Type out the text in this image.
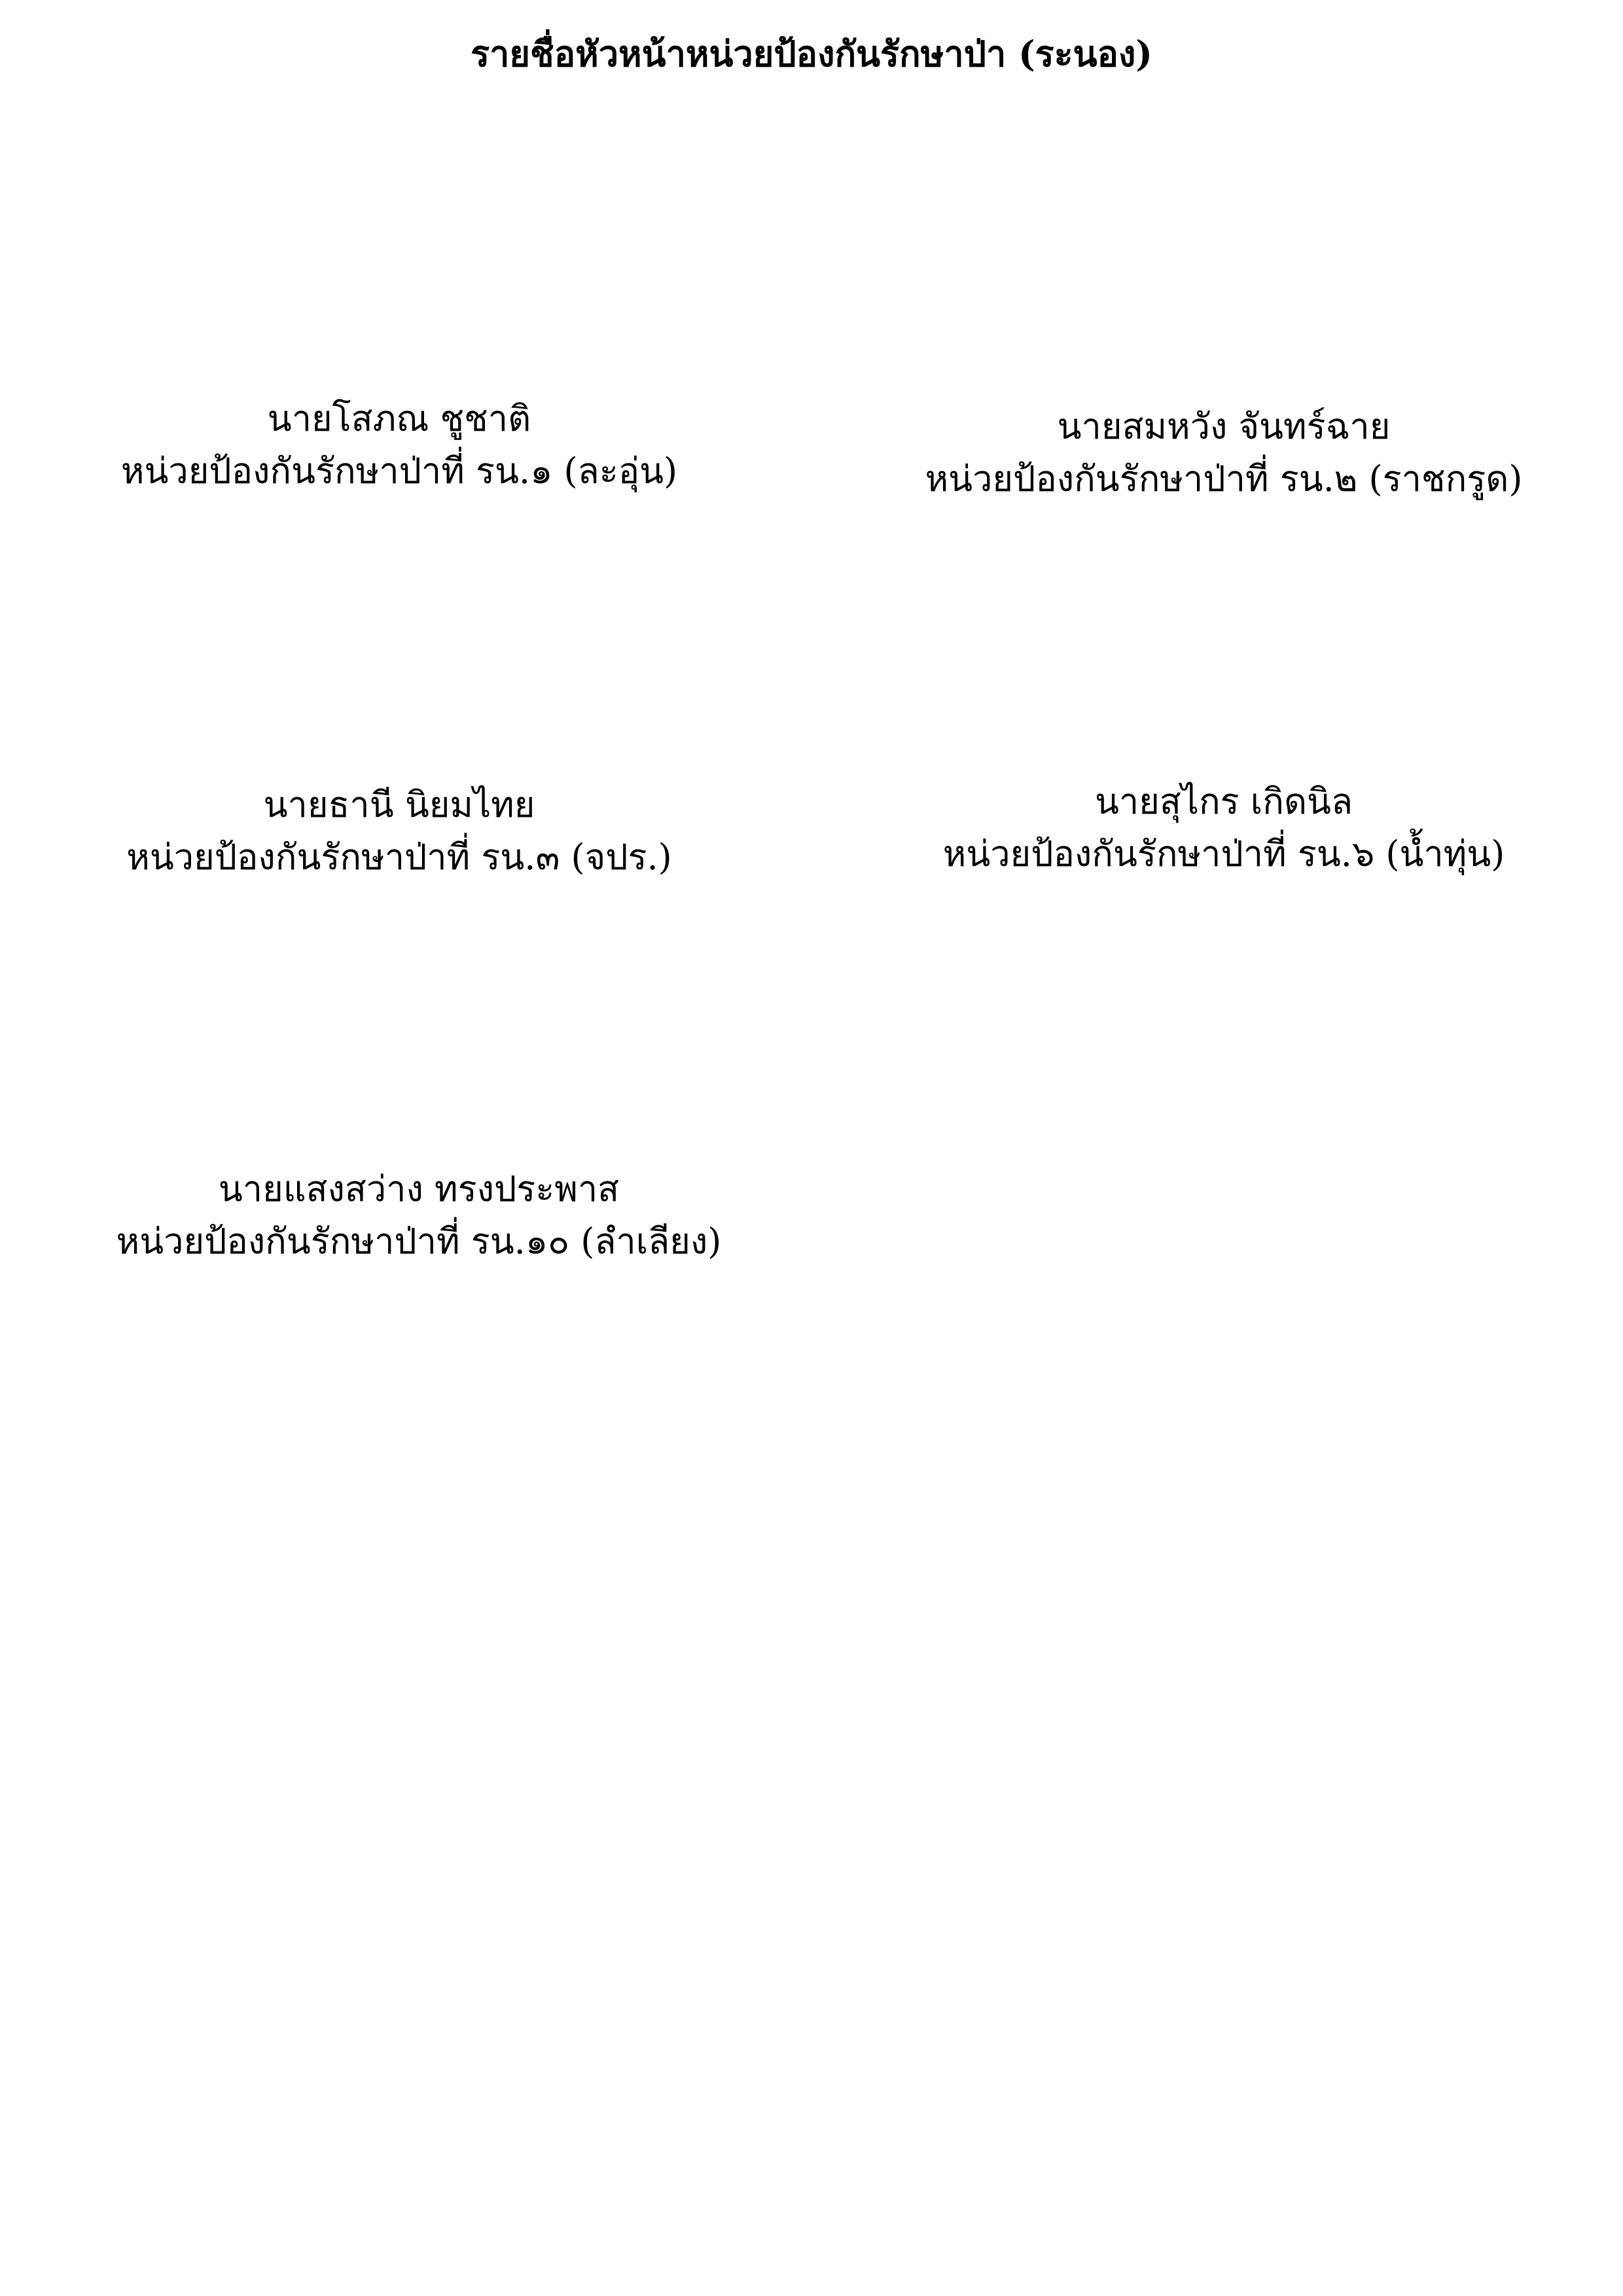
รายชื่อหัวหน้าหน่วยป้องกันรักษาป่า (ระนอง)
นายโสภณ ชูชาติ
หน่วยป้องกันรักษาป่าที่ รน.๑ (ละอุ่น)
นายสมหวัง จันทร์ฉาย
หน่วยป้องกันรักษาป่าที่ รน.๒ (ราชกรูด)
นายธานี นิยมไทย
หน่วยป้องกันรักษาป่าที่ รน.๓ (จปร.)
นายสุไกร เกิดนิล
หน่วยป้องกันรักษาป่าที่ รน.๖ (น้ำทุ่น)
นายแสงสว่าง ทรงประพาส
หน่วยป้องกันรักษาป่าที่ รน.๑๐ (ลำเลียง)
